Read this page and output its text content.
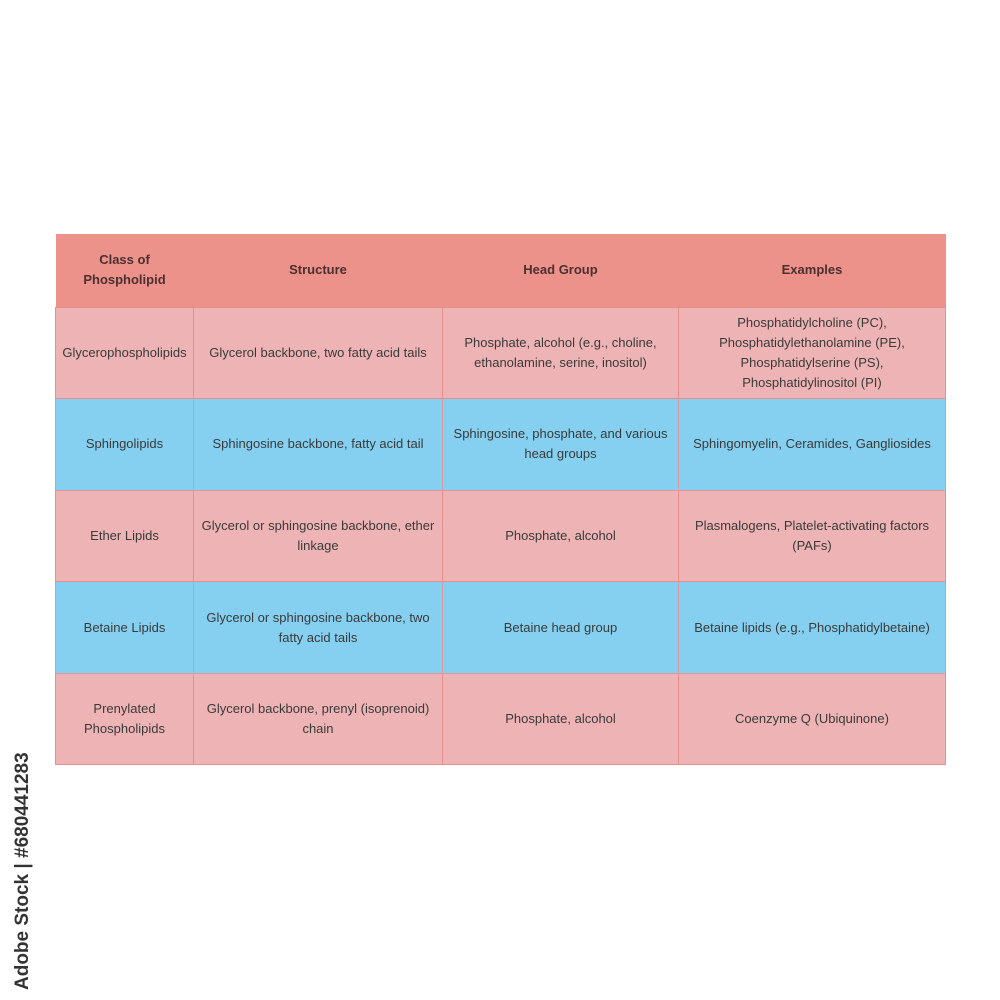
Class of Phospholipid	Structure	Head Group	Examples
Glycerophospholipids	Glycerol backbone, two fatty acid tails	Phosphate, alcohol (e.g., choline, ethanolamine, serine, inositol)	Phosphatidylcholine (PC), Phosphatidylethanolamine (PE), Phosphatidylserine (PS), Phosphatidylinositol (PI)
Sphingolipids	Sphingosine backbone, fatty acid tail	Sphingosine, phosphate, and various head groups	Sphingomyelin, Ceramides, Gangliosides
Ether Lipids	Glycerol or sphingosine backbone, ether linkage	Phosphate, alcohol	Plasmalogens, Platelet-activating factors (PAFs)
Betaine Lipids	Glycerol or sphingosine backbone, two fatty acid tails	Betaine head group	Betaine lipids (e.g., Phosphatidylbetaine)
Prenylated Phospholipids	Glycerol backbone, prenyl (isoprenoid) chain	Phosphate, alcohol	Coenzyme Q (Ubiquinone)
Adobe Stock | #680441283
